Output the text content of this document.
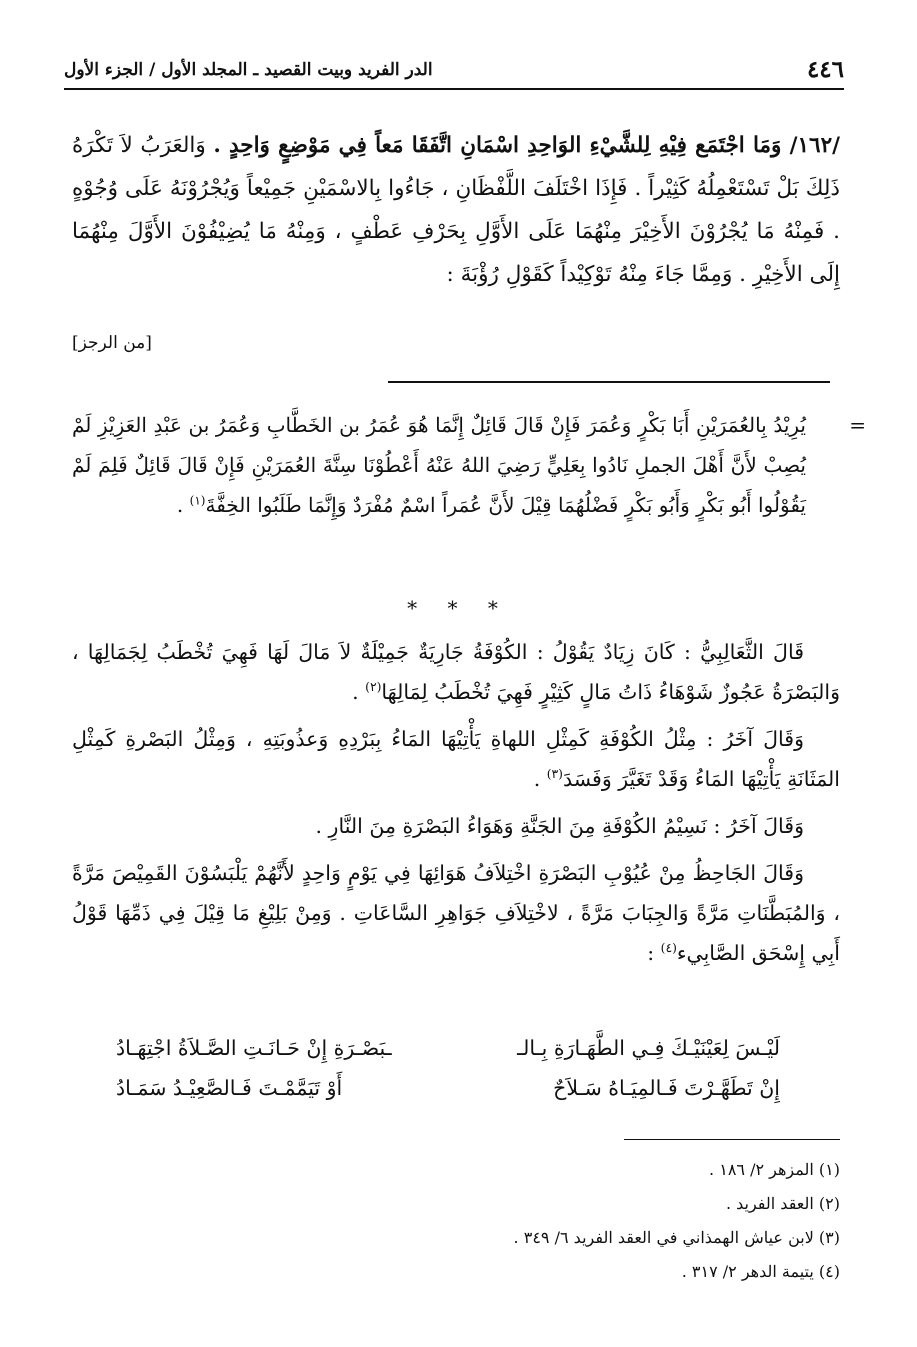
٤٤٦
الدر الفريد وبيت القصيد ـ المجلد الأول / الجزء الأول

/١٦٢/ وَمَا اجْتَمَع فِيْهِ لِلشَّيْءِ الوَاحِدِ اسْمَانِ اتَّفَقَا مَعاً فِي مَوْضِعٍ وَاحِدٍ . وَالعَرَبُ لاَ تَكْرَهُ ذَلِكَ بَلْ تَسْتَعْمِلُهُ كَثِيْراً . فَإِذَا اخْتَلَفَ اللَّفْظَانِ ، جَاءُوا بِالاسْمَيْنِ جَمِيْعاً وَيُجْرُوْنَهُ عَلَى وُجُوْهٍ . فَمِنْهُ مَا يُجْرُوْنَ الأَخِيْرَ مِنْهُمَا عَلَى الأَوَّلِ بِحَرْفِ عَطْفٍ ، وَمِنْهُ مَا يُضِيْفُوْنَ الأَوَّلَ مِنْهُمَا إِلَى الأَخِيْرِ . وَمِمَّا جَاءَ مِنْهُ تَوْكِيْداً كَقَوْلِ رُؤْبَةَ :

[من الرجز]
=

يُرِيْدُ بِالعُمَرَيْنِ أَبَا بَكْرٍ وَعُمَرَ فَإِنْ قَالَ قَائِلٌ إِنَّمَا هُوَ عُمَرُ بن الخَطَّابِ وَعُمَرُ بن عَبْدِ العَزِيْزِ لَمْ يُصِبْ لأَنَّ أَهْلَ الجملِ نَادُوا بِعَلِيٍّ رَضِيَ اللهُ عَنْهُ أَعْطُوْنَا سِنَّةَ العُمَرَيْنِ فَإِنْ قَالَ قَائِلٌ فَلِمَ لَمْ يَقُوْلُوا أَبُو بَكْرٍ وَأَبُو بَكْرٍ فَضْلُهُمَا قِيْلَ لأَنَّ عُمَراً اسْمٌ مُفْرَدٌ وَإِنَّمَا طَلَبُوا الخِفَّةَ$^{(١)}$ .

* * *

قَالَ الثَّعَالِبِيُّ : كَانَ زِيَادٌ يَقُوْلُ : الكُوْفَةُ جَارِيَةٌ جَمِيْلَةٌ لاَ مَالَ لَهَا فَهِيَ تُخْطَبُ لِجَمَالِهَا ، وَالبَصْرَةُ عَجُوزٌ شَوْهَاءُ ذَاتُ مَالٍ كَثِيْرٍ فَهِيَ تُخْطَبُ لِمَالِهَا$^{(٢)}$ .

وَقَالَ آخَرُ : مِثْلُ الكُوْفَةِ كَمِثْلِ اللهاةِ يَأْتِيْهَا المَاءُ بِبَرْدِهِ وَعذُوبَتِهِ ، وَمِثْلُ البَصْرةِ كَمِثْلِ المَثَانَةِ يَأْتِيْهَا المَاءُ وَقَدْ تَغَيَّرَ وَفَسَدَ$^{(٣)}$ .

وَقَالَ آخَرُ : نَسِيْمُ الكُوْفَةِ مِنَ الجَنَّةِ وَهَوَاءُ البَصْرَةِ مِنَ النَّارِ .

وَقَالَ الجَاحِظُ مِنْ عُيُوْبِ البَصْرَةِ اخْتِلاَفُ هَوَائِهَا فِي يَوْمٍ وَاحِدٍ لأَنَّهُمْ يَلْبَسُوْنَ القَمِيْصَ مَرَّةً ، وَالمُبَطَّنَاتِ مَرَّةً وَالجِبَابَ مَرَّةً ، لاخْتِلاَفِ جَوَاهِرِ السَّاعَاتِ . وَمِنْ بَلِيْغِ مَا قِيْلَ فِي ذَمِّهَا قَوْلُ أَبِي إِسْحَق الصَّابِيء$^{(٤)}$ :

لَيْـسَ لِعَيْنَيْـكَ فِـي الطَّهَـارَةِ بِـالـ
ـبَصْـرَةِ إِنْ حَـانَـتِ الصَّـلاَةُ اجْتِهَـادُ
إِنْ تَطَهَّـرْتَ فَـالمِيَـاهُ سَـلاَحٌ
أَوْ تَيَمَّمْـتَ فَـالصَّعِيْـدُ سَمَـادُ
(١) المزهر ٢/ ١٨٦ .
(٢) العقد الفريد .
(٣) لابن عياش الهمذاني في العقد الفريد ٦/ ٣٤٩ .
(٤) يتيمة الدهر ٢/ ٣١٧ .
